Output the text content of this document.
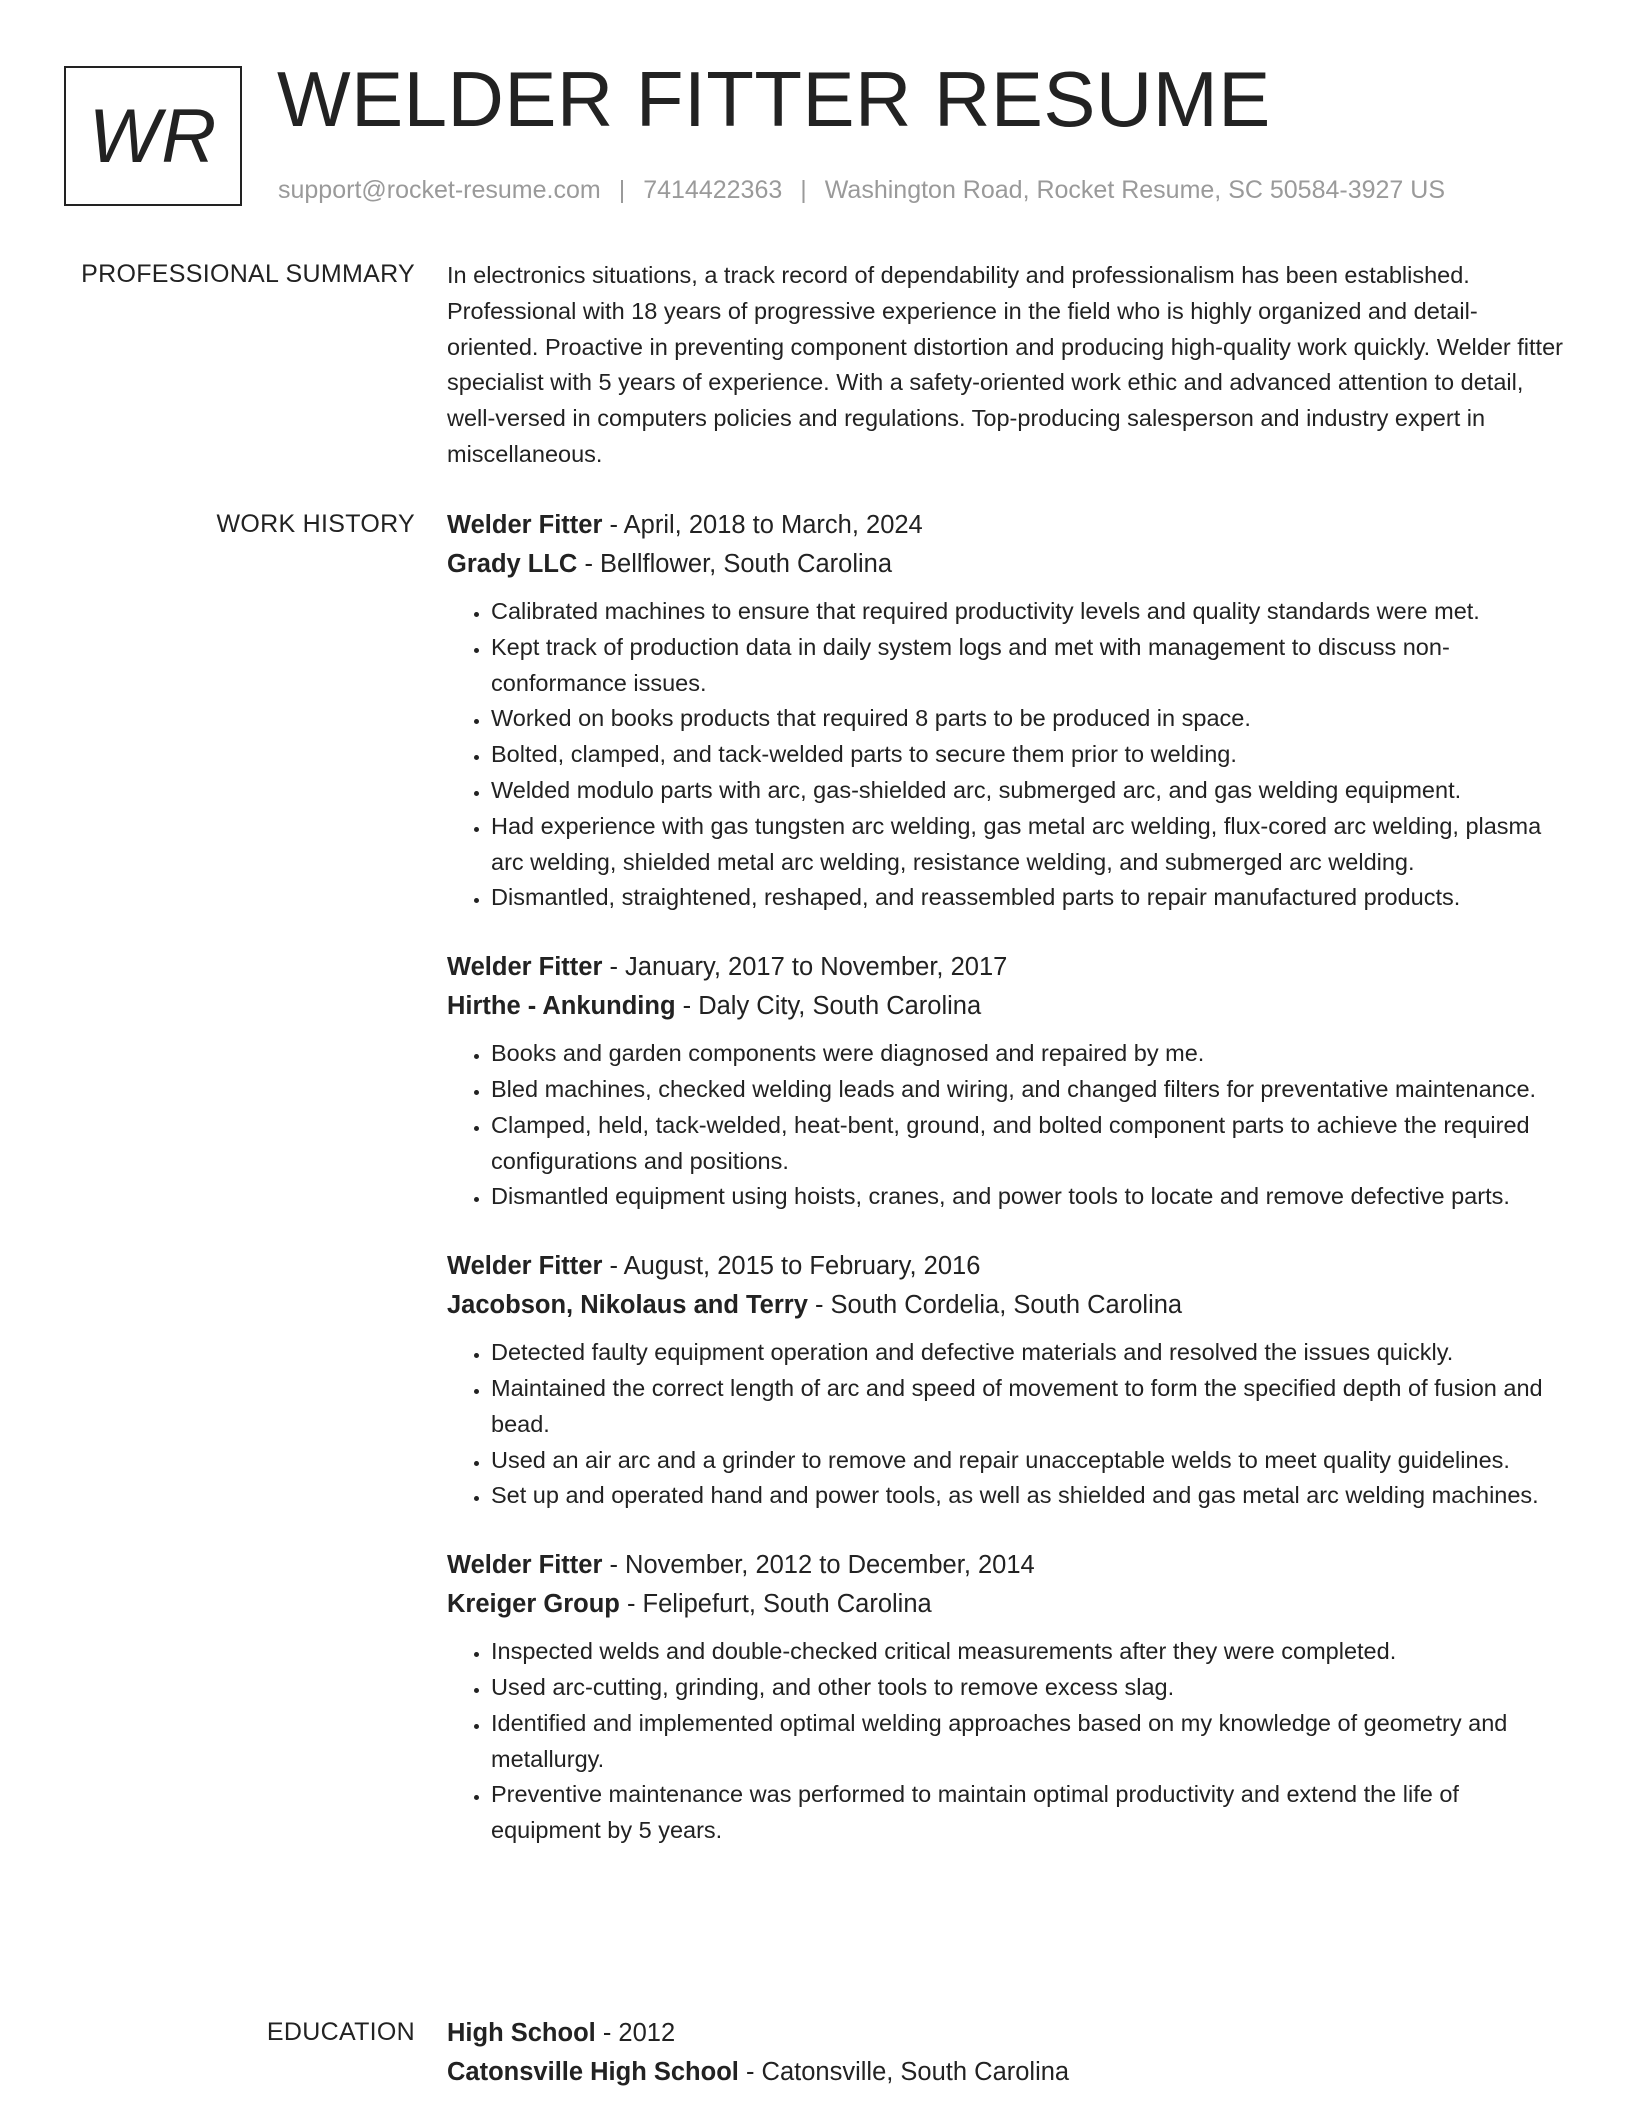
WR WELDER FITTER RESUME
support@rocket-resume.com | 7414422363 | Washington Road, Rocket Resume, SC 50584-3927 US
PROFESSIONAL SUMMARY In electronics situations, a track record of dependability and professionalism has been established. Professional with 18 years of progressive experience in the field who is highly organized and detail-oriented. Proactive in preventing component distortion and producing high-quality work quickly. Welder fitter specialist with 5 years of experience. With a safety-oriented work ethic and advanced attention to detail, well-versed in computers policies and regulations. Top-producing salesperson and industry expert in miscellaneous.

WORK HISTORY Welder Fitter - April, 2018 to March, 2024
Grady LLC - Bellflower, South Carolina
• Calibrated machines to ensure that required productivity levels and quality standards were met.
• Kept track of production data in daily system logs and met with management to discuss non-conformance issues.
• Worked on books products that required 8 parts to be produced in space.
• Bolted, clamped, and tack-welded parts to secure them prior to welding.
• Welded modulo parts with arc, gas-shielded arc, submerged arc, and gas welding equipment.
• Had experience with gas tungsten arc welding, gas metal arc welding, flux-cored arc welding, plasma arc welding, shielded metal arc welding, resistance welding, and submerged arc welding.
• Dismantled, straightened, reshaped, and reassembled parts to repair manufactured products.
Welder Fitter - January, 2017 to November, 2017
Hirthe - Ankunding - Daly City, South Carolina
• Books and garden components were diagnosed and repaired by me.
• Bled machines, checked welding leads and wiring, and changed filters for preventative maintenance.
• Clamped, held, tack-welded, heat-bent, ground, and bolted component parts to achieve the required configurations and positions.
• Dismantled equipment using hoists, cranes, and power tools to locate and remove defective parts.
Welder Fitter - August, 2015 to February, 2016
Jacobson, Nikolaus and Terry - South Cordelia, South Carolina
• Detected faulty equipment operation and defective materials and resolved the issues quickly.
• Maintained the correct length of arc and speed of movement to form the specified depth of fusion and bead.
• Used an air arc and a grinder to remove and repair unacceptable welds to meet quality guidelines.
• Set up and operated hand and power tools, as well as shielded and gas metal arc welding machines.
Welder Fitter - November, 2012 to December, 2014
Kreiger Group - Felipefurt, South Carolina
• Inspected welds and double-checked critical measurements after they were completed.
• Used arc-cutting, grinding, and other tools to remove excess slag.
• Identified and implemented optimal welding approaches based on my knowledge of geometry and metallurgy.
• Preventive maintenance was performed to maintain optimal productivity and extend the life of equipment by 5 years.
EDUCATION High School - 2012
Catonsville High School - Catonsville, South Carolina
